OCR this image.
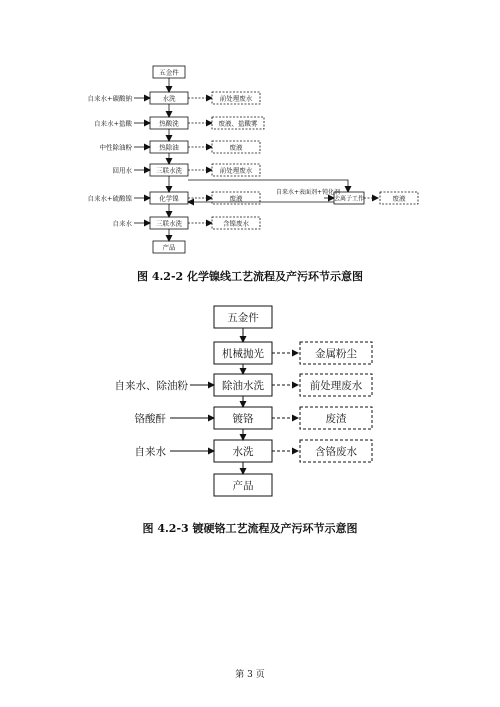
五金件
水洗
热酸洗
热除油
三联水洗
化学镍
三联水洗
产品
前处理废水
废液、盐酸雾
废液
前处理废水
废液
含镍废水
自来水+碳酸钠
自来水+盐酸
中性除油粉
回用水
自来水+硫酸镍
自来水
去离子工作
自来水+表面剂+钝化剂
废液
五金件
机械抛光
除油水洗
镀铬
水洗
产品
金属粉尘
前处理废水
废渣
含铬废水
自来水、除油粉
铬酸酐
自来水
图 4.2-2 化学镍线工艺流程及产污环节示意图
图 4.2-3 镀硬铬工艺流程及产污环节示意图
第 3 页
